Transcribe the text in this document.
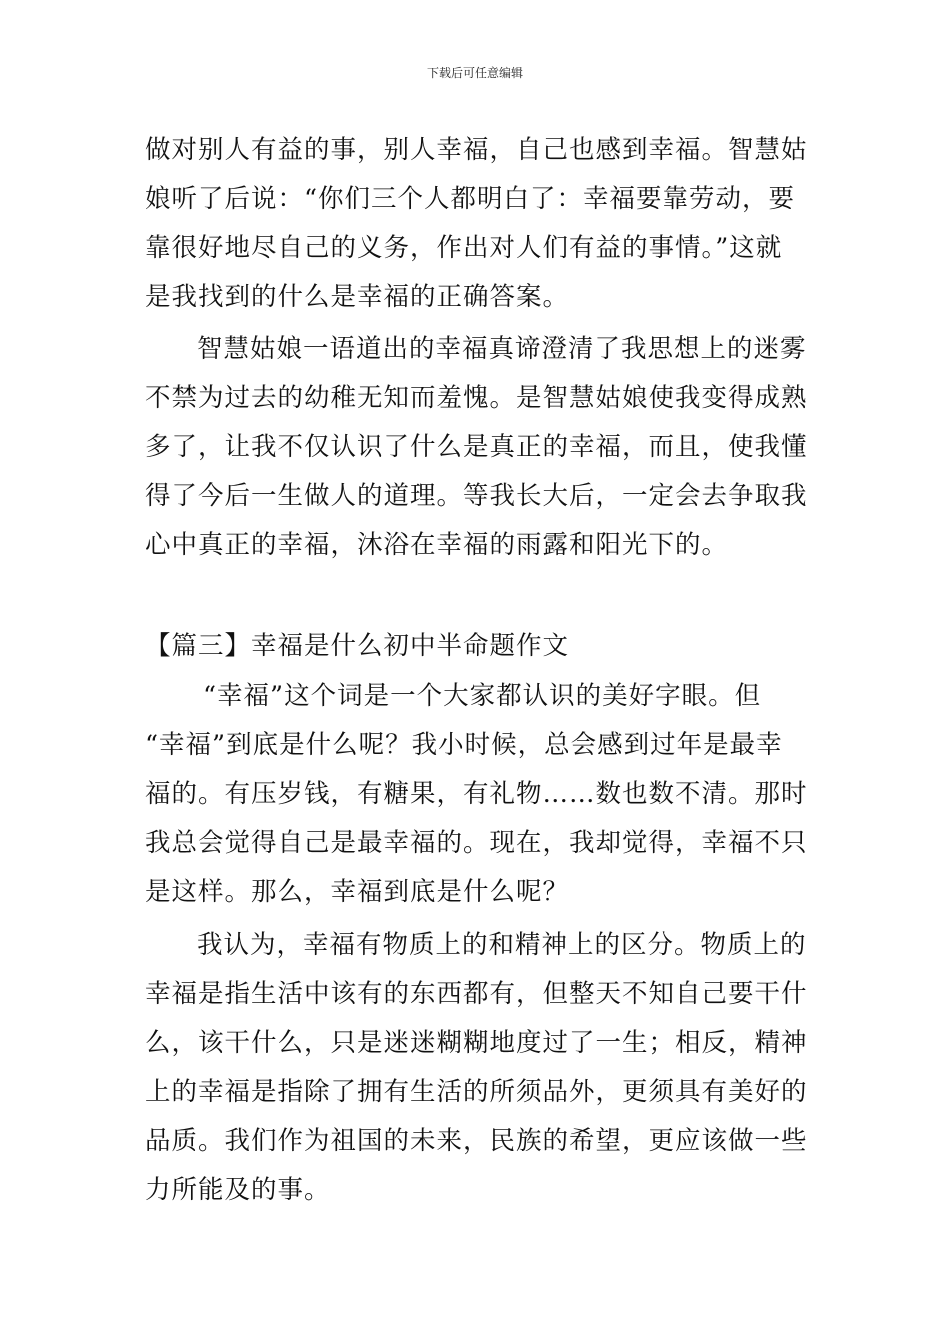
下载后可任意编辑
做对别人有益的事，别人幸福，自己也感到幸福。智慧姑
娘听了后说：“你们三个人都明白了：幸福要靠劳动，要
靠很好地尽自己的义务，作出对人们有益的事情。”这就
是我找到的什么是幸福的正确答案。
智慧姑娘一语道出的幸福真谛澄清了我思想上的迷雾
不禁为过去的幼稚无知而羞愧。是智慧姑娘使我变得成熟
多了，让我不仅认识了什么是真正的幸福，而且，使我懂
得了今后一生做人的道理。等我长大后，一定会去争取我
心中真正的幸福，沐浴在幸福的雨露和阳光下的。
【篇三】幸福是什么初中半命题作文
“幸福”这个词是一个大家都认识的美好字眼。但
“幸福”到底是什么呢？我小时候，总会感到过年是最幸
福的。有压岁钱，有糖果，有礼物……数也数不清。那时
我总会觉得自己是最幸福的。现在，我却觉得，幸福不只
是这样。那么，幸福到底是什么呢？
我认为，幸福有物质上的和精神上的区分。物质上的
幸福是指生活中该有的东西都有，但整天不知自己要干什
么，该干什么，只是迷迷糊糊地度过了一生；相反，精神
上的幸福是指除了拥有生活的所须品外，更须具有美好的
品质。我们作为祖国的未来，民族的希望，更应该做一些
力所能及的事。
